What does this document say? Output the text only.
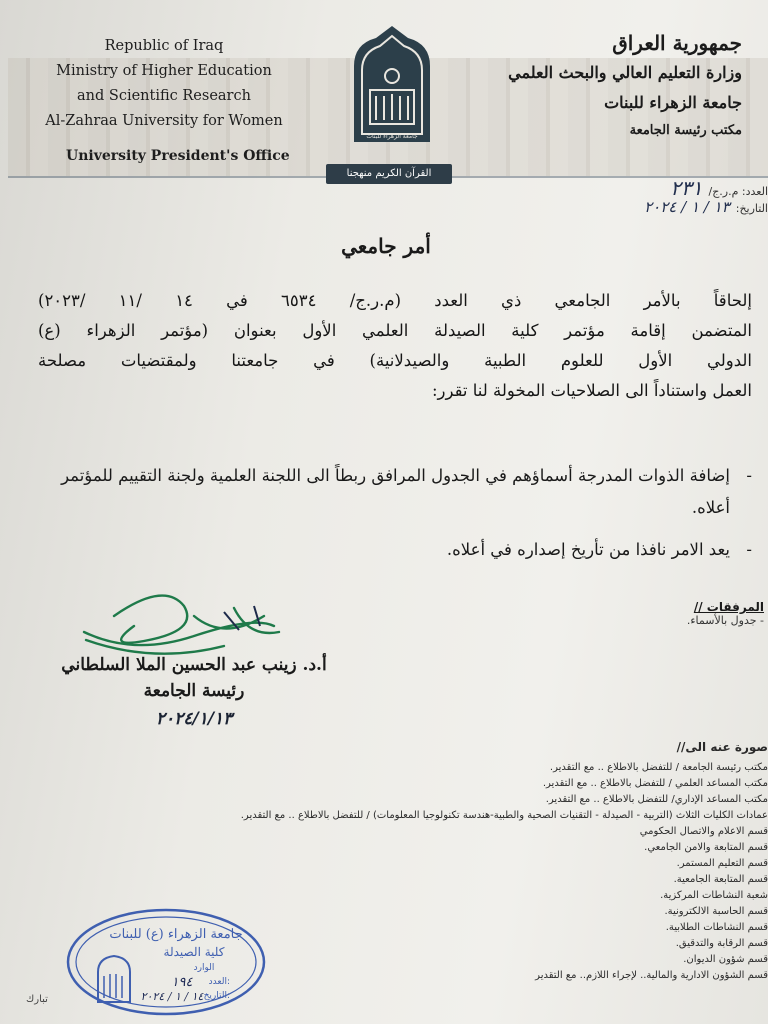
Republic of Iraq
Ministry of Higher Education
and Scientific Research
Al-Zahraa University for Women
University President's Office
جامعة الزهراء للبنات
القرآن الكريم منهجنا
جمهورية العراق
وزارة التعليم العالي والبحث العلمي
جامعة الزهراء للبنات
مكتب رئيسة الجامعة
العدد: م.ر.ج/
٢٣١
التاريخ:
١٣ / ١ / ٢٠٢٤
أمر جامعي

إلحاقاً بالأمر الجامعي ذي العدد (م.ر.ج/ ٦٥٣٤ في ١٤ /١١ /٢٠٢٣)

المتضمن إقامة مؤتمر كلية الصيدلة العلمي الأول بعنوان (مؤتمر الزهراء (ع)

الدولي الأول للعلوم الطبية والصيدلانية) في جامعتنا ولمقتضيات مصلحة

العمل واستناداً الى الصلاحيات المخولة لنا تقرر:

- إضافة الذوات المدرجة أسماؤهم في الجدول المرافق ربطاً الى اللجنة العلمية ولجنة التقييم للمؤتمر أعلاه.
- يعد الامر نافذا من تأريخ إصداره في أعلاه.
المرفقات //
- جدول بالأسماء.
أ.د. زينب عبد الحسين الملا السلطاني
رئيسة الجامعة
٢٠٢٤/١/١٣
صورة عنه الى//
مكتب رئيسة الجامعة / للتفضل بالاطلاع .. مع التقدير.
مكتب المساعد العلمي / للتفضل بالاطلاع .. مع التقدير.
مكتب المساعد الإداري/ للتفضل بالاطلاع .. مع التقدير.
عمادات الكليات الثلاث (التربية - الصيدلة - التقنيات الصحية والطبية-هندسة تكنولوجيا المعلومات) / للتفضل بالاطلاع .. مع التقدير.
قسم الاعلام والاتصال الحكومي
قسم المتابعة والامن الجامعي.
قسم التعليم المستمر.
قسم المتابعة الجامعية.
شعبة النشاطات المركزية.
قسم الحاسبة الالكترونية.
قسم النشاطات الطلابية.
قسم الرقابة والتدقيق.
قسم شؤون الديوان.
قسم الشؤون الادارية والمالية.. لإجراء اللازم.. مع التقدير
جامعة الزهراء (ع) للبنات
كلية الصيدلة
الوارد
العدد:
١٩٤
التاريخ:
١٤ / ١ / ٢٠٢٤
تبارك
